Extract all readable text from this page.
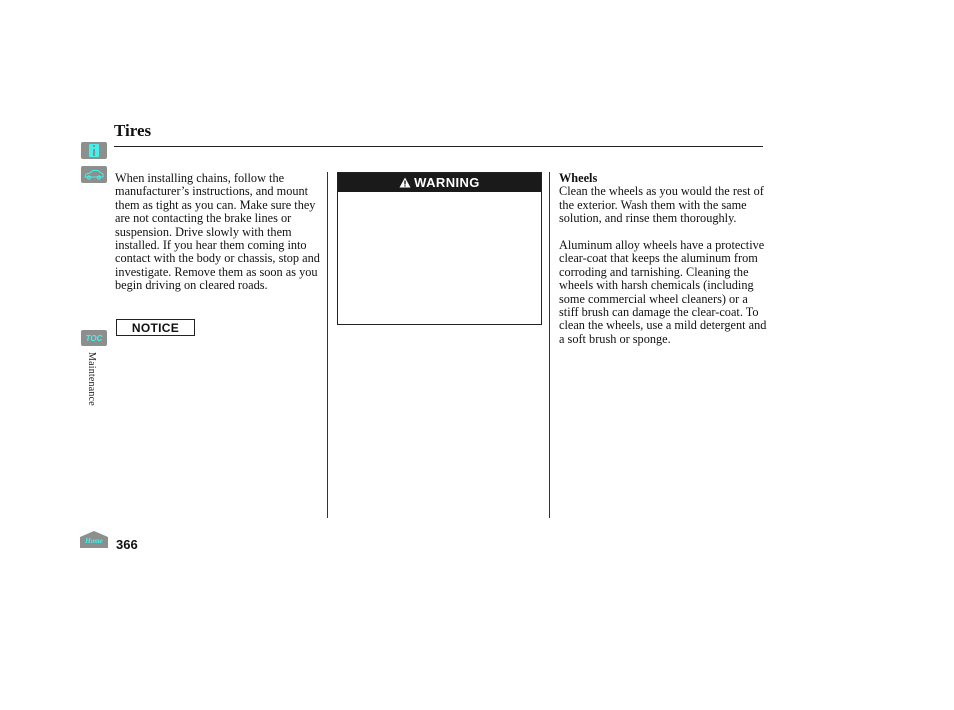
Tires
TOC
Maintenance
Home	366

When installing chains, follow the manufacturer’s instructions, and mount them as tight as you can. Make sure they are not contacting the brake lines or suspension. Drive slowly with them installed. If you hear them coming into contact with the body or chassis, stop and investigate. Remove them as soon as you begin driving on cleared roads.

NOTICE
WARNING	Wheels

Clean the wheels as you would the rest of the exterior. Wash them with the same solution, and rinse them thoroughly.

Aluminum alloy wheels have a protective clear-coat that keeps the aluminum from corroding and tarnishing. Cleaning the wheels with harsh chemicals (including some commercial wheel cleaners) or a stiff brush can damage the clear-coat. To clean the wheels, use a mild detergent and a soft brush or sponge.
